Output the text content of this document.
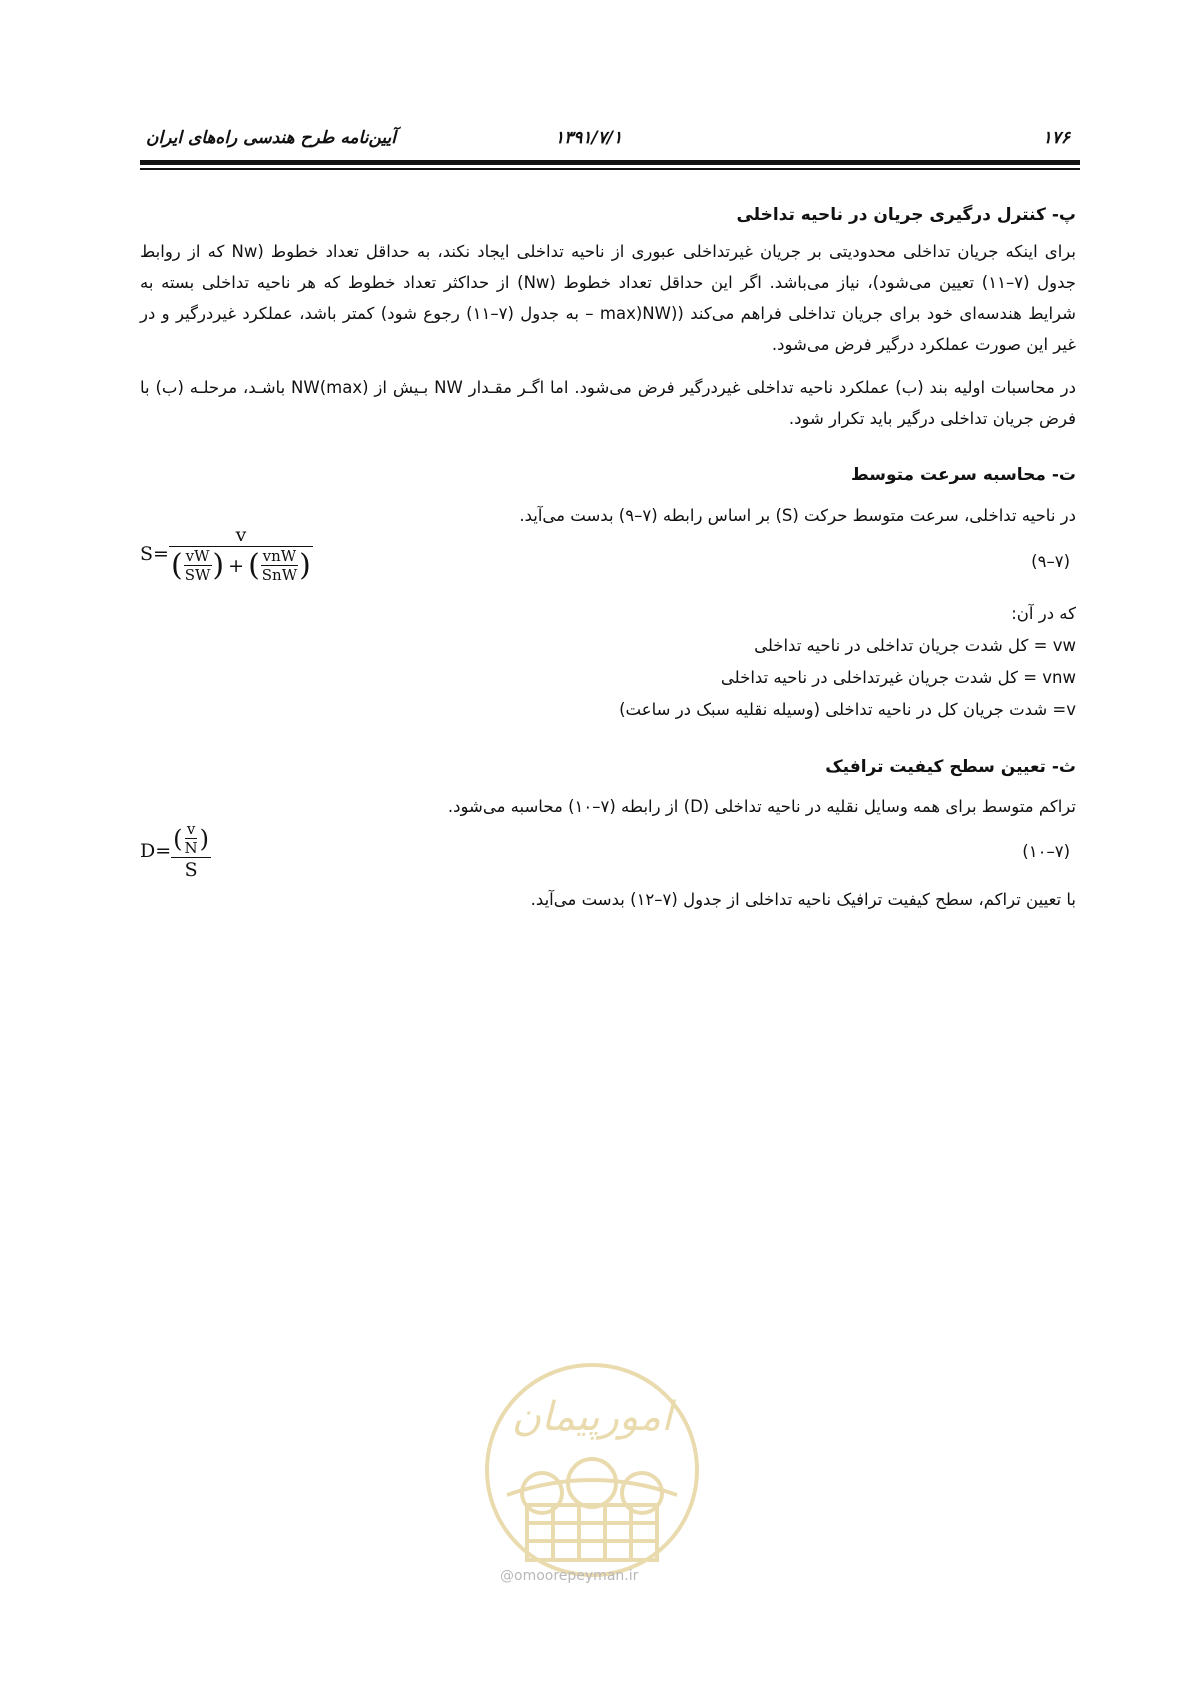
۱۷۶
۱۳۹۱/۷/۱
آیین‌نامه طرح هندسی راه‌های ایران
پ- کنترل درگیری جریان در ناحیه تداخلی
برای اینکه جریان تداخلی محدودیتی بر جریان غیرتداخلی عبوری از ناحیه تداخلی ایجاد نکند، به حداقل تعداد خطوط (Nw که از روابط جدول (۷–۱۱) تعیین می‌شود)، نیاز می‌باشد. اگر این حداقل تعداد خطوط (Nw) از حداکثر تعداد خطوط که هر ناحیه تداخلی بسته به شرایط هندسه‌ای خود برای جریان تداخلی فراهم می‌کند ((NW(max – به جدول (۷–۱۱) رجوع شود) کمتر باشد، عملکرد غیردرگیر و در غیر این صورت عملکرد درگیر فرض می‌شود.
در محاسبات اولیه بند (ب) عملکرد ناحیه تداخلی غیردرگیر فرض می‌شود. اما اگـر مقـدار NW بـیش از NW(max) باشـد، مرحلـه (ب) با فرض جریان تداخلی درگیر باید تکرار شود.
ت- محاسبه سرعت متوسط
در ناحیه تداخلی، سرعت متوسط حرکت (S) بر اساس رابطه (۷–۹) بدست می‌آید.
(۷–۹)
S=
v
( $\frac{vW}{SW}$ ) + ( $\frac{\text{vnW}}{\text{SnW}}$ )
که در آن:
vw = کل شدت جریان تداخلی در ناحیه تداخلی
vnw = کل شدت جریان غیرتداخلی در ناحیه تداخلی
v= شدت جریان کل در ناحیه تداخلی (وسیله نقلیه سبک در ساعت)
ث- تعیین سطح کیفیت ترافیک
تراکم متوسط برای همه وسایل نقلیه در ناحیه تداخلی (D) از رابطه (۷–۱۰) محاسبه می‌شود.
(۷–۱۰)
$D= \frac{( \frac{v}{N} )}{S}$
با تعیین تراکم، سطح کیفیت ترافیک ناحیه تداخلی از جدول (۷–۱۲) بدست می‌آید.
امورپیمان
@omoorepeyman.ir
